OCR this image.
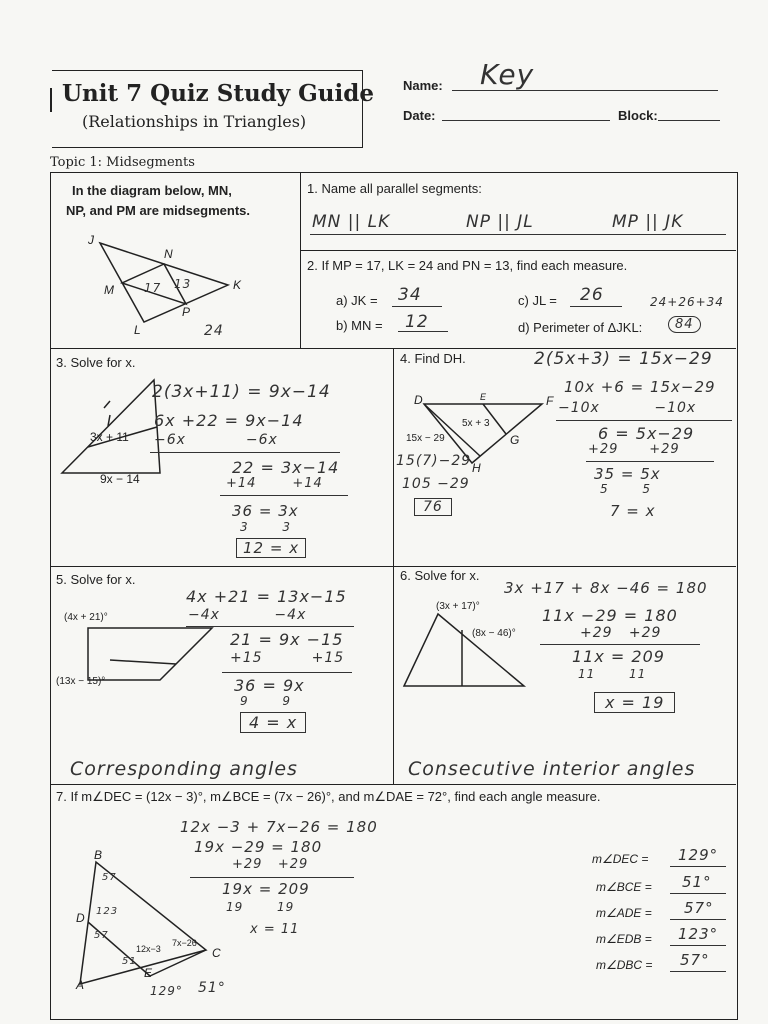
Unit 7 Quiz Study Guide
(Relationships in Triangles)
Name: Key
Date:	Block:
Topic 1: Midsegments
In the diagram below, MN,
NP, and PM are midsegments.
J
N
K
M
P
L
17 13
24
1. Name all parallel segments:
MN || LK	NP || JL	MP || JK
2. If MP = 17, LK = 24 and PN = 13, find each measure.
a) JK = 34
b) MN = 12
c) JL = 26	24+26+34
d) Perimeter of ΔJKL:	84
3. Solve for x.
3x + 11
9x − 14
2(3x+11) = 9x−14
6x +22 = 9x−14
−6x           −6x
22 = 3x−14
+14       +14
36 = 3x
3       3
12 = x
4. Find DH.
D	E	F
5x + 3
15x − 29	G
H
15(7)−29
105 −29
76
2(5x+3) = 15x−29
10x +6 = 15x−29
−10x          −10x
6 = 5x−29
+29      +29
35 = 5x
5       5
7 = x
5. Solve for x.
(4x + 21)°
(13x − 15)°
4x +21 = 13x−15
−4x          −4x
21 = 9x −15
+15         +15
36 = 9x
9       9
4 = x
Corresponding angles
6. Solve for x.
(3x + 17)°
(8x − 46)°
3x +17 + 8x −46 = 180
11x −29 = 180
+29   +29
11x = 209
11       11
x = 19
Consecutive interior angles
7. If m∠DEC = (12x − 3)°, m∠BCE = (7x − 26)°, and m∠DAE = 72°, find each angle measure.
B
D
C
A
E
57
123
57
51
12x−3
7x−26
129° 51°
12x −3 + 7x−26 = 180
19x −29 = 180
+29   +29
19x = 209
19       19
x = 11
m∠DEC = 129°
m∠BCE = 51°
m∠ADE = 57°
m∠EDB = 123°
m∠DBC = 57°
